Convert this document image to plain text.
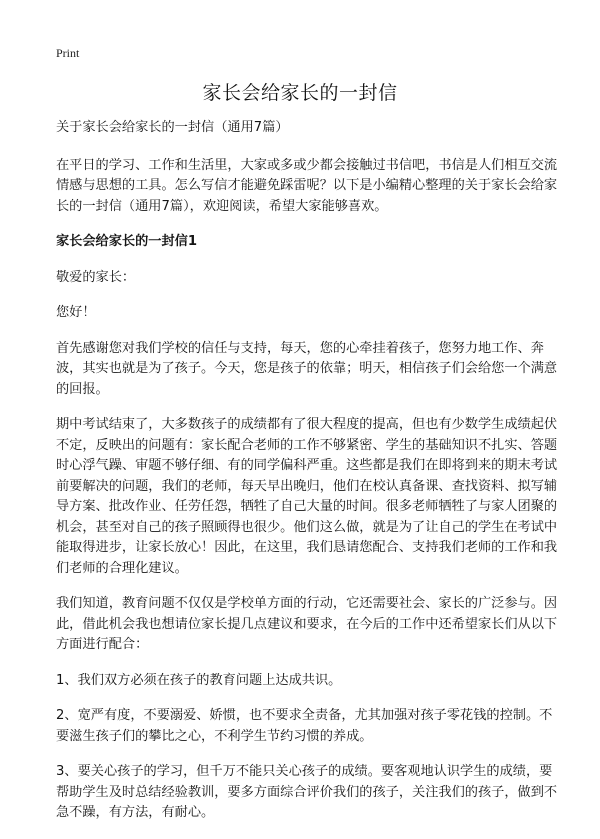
Print
家长会给家长的一封信

关于家长会给家长的一封信（通用7篇）

在平日的学习、工作和生活里，大家或多或少都会接触过书信吧，书信是人们相互交流情感与思想的工具。怎么写信才能避免踩雷呢？以下是小编精心整理的关于家长会给家长的一封信（通用7篇），欢迎阅读，希望大家能够喜欢。

家长会给家长的一封信1

敬爱的家长：

您好！

首先感谢您对我们学校的信任与支持，每天，您的心牵挂着孩子，您努力地工作、奔波，其实也就是为了孩子。今天，您是孩子的依靠；明天，相信孩子们会给您一个满意的回报。

期中考试结束了，大多数孩子的成绩都有了很大程度的提高，但也有少数学生成绩起伏不定，反映出的问题有：家长配合老师的工作不够紧密、学生的基础知识不扎实、答题时心浮气躁、审题不够仔细、有的同学偏科严重。这些都是我们在即将到来的期末考试前要解决的问题，我们的老师，每天早出晚归，他们在校认真备课、查找资料、拟写辅导方案、批改作业、任劳任怨，牺牲了自己大量的时间。很多老师牺牲了与家人团聚的机会，甚至对自己的孩子照顾得也很少。他们这么做，就是为了让自己的学生在考试中能取得进步，让家长放心！因此，在这里，我们恳请您配合、支持我们老师的工作和我们老师的合理化建议。

我们知道，教育问题不仅仅是学校单方面的行动，它还需要社会、家长的广泛参与。因此，借此机会我也想请位家长提几点建议和要求，在今后的工作中还希望家长们从以下方面进行配合：

1、我们双方必须在孩子的教育问题上达成共识。

2、宽严有度，不要溺爱、娇惯，也不要求全责备，尤其加强对孩子零花钱的控制。不要滋生孩子们的攀比之心，不利学生节约习惯的养成。

3、要关心孩子的学习，但千万不能只关心孩子的成绩。要客观地认识学生的成绩，要帮助学生及时总结经验教训，要多方面综合评价我们的孩子，关注我们的孩子，做到不急不躁，有方法，有耐心。
